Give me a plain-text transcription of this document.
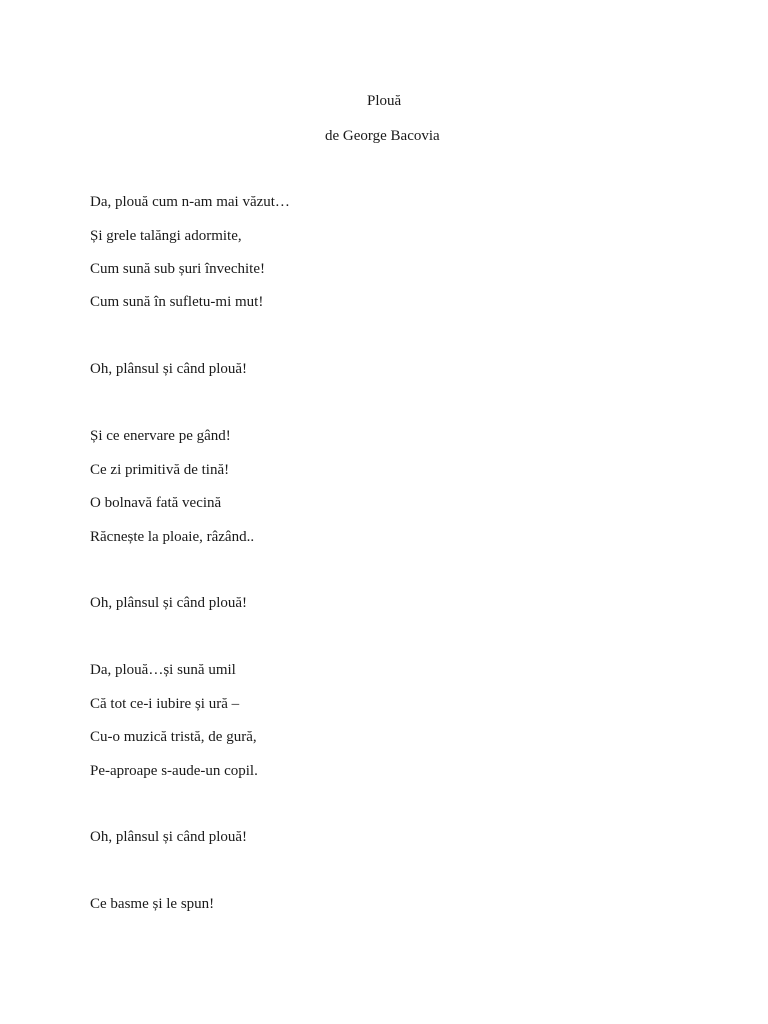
Plouă
de George Bacovia
Da, plouă cum n-am mai văzut…
Și grele talăngi adormite,
Cum sună sub șuri învechite!
Cum sună în sufletu-mi mut!
Oh, plânsul și când plouă!
Și ce enervare pe gând!
Ce zi primitivă de tină!
O bolnavă fată vecină
Răcnește la ploaie, râzând..
Oh, plânsul și când plouă!
Da, plouă…și sună umil
Că tot ce-i iubire și ură –
Cu-o muzică tristă, de gură,
Pe-aproape s-aude-un copil.
Oh, plânsul și când plouă!
Ce basme și le spun!
